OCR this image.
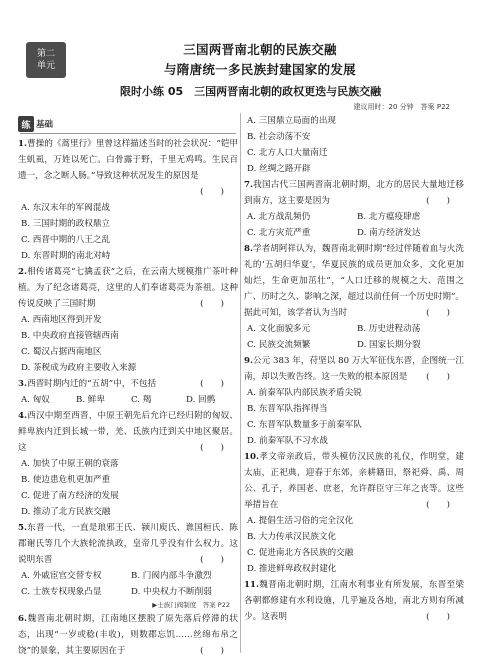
第二
单元
三国两晋南北朝的民族交融
与隋唐统一多民族封建国家的发展
限时小练 05　三国两晋南北朝的政权更迭与民族交融
建议用时：20 分钟　答案 P22
练 基础

1.曹操的《蒿里行》里曾这样描述当时的社会状况：“铠甲生虮虱，万姓以死亡。白骨露于野，千里无鸡鸣。生民百遗一，念之断人肠。”导致这种状况发生的原因是

(　　)

A. 东汉末年的军阀混战

B. 三国时期的政权鼎立

C. 西晋中期的八王之乱

D. 东晋时期的南北对峙

2.相传诸葛亮“七擒孟获”之后，在云南大规模推广茶叶种植。为了纪念诸葛亮，这里的人们奉诸葛亮为茶祖。这种传说反映了三国时期	(　　)

A. 西南地区得到开发

B. 中央政府直接管辖西南

C. 蜀汉占据西南地区

D. 茶税成为政府主要收入来源

3.西晋时期内迁的“五胡”中，不包括	(　　)

A. 匈奴	B. 鲜卑	C. 羯	D. 回鹘

4.西汉中期至西晋，中原王朝先后允许已经归附的匈奴、鲜卑族内迁到长城一带，羌、氐族内迁到关中地区聚居。这	(　　)

A. 加快了中原王朝的衰落

B. 使边患危机更加严重

C. 促进了南方经济的发展

D. 推动了北方民族交融

5.东晋一代，一直是琅邪王氏、颍川庾氏、谯国桓氏、陈郡谢氏等几个大族轮流执政，皇帝几乎没有什么权力。这说明东晋	(　　)

A. 外戚宦官交替专权	B. 门阀内部斗争激烈
C. 士族专权现象凸显	D. 中央权力不断削弱

▶士族门阀制度　答案 P22

6.魏晋南北朝时期，江南地区摆脱了原先落后停滞的状态，出现“一岁或稔(丰收)，则数郡忘饥……丝绵布帛之饶”的景象，其主要原因在于	(　　)

A. 三国鼎立局面的出现

B. 社会动荡不安

C. 北方人口大量南迁

D. 丝绸之路开辟

7.我国古代三国两晋南北朝时期，北方的居民大量地迁移到南方，这主要是因为	(　　)

A. 北方战乱频仍	B. 北方瘟疫肆虐
C. 北方灾荒严重	D. 南方经济发达

8.学者胡阿祥认为，魏晋南北朝时期“经过伴随着血与火洗礼的‘五胡归华夏’，华夏民族的成员更加众多，文化更加灿烂，生命更加茁壮”，“人口迁移的规模之大、范围之广、历时之久、影响之深，超过以前任何一个历史时期”。据此可知，该学者认为当时	(　　)

A. 文化面貌多元	B. 历史进程动荡
C. 民族交流频繁	D. 国家长期分裂

9.公元 383 年，苻坚以 80 万大军征伐东晋，企图统一江南，却以失败告终。这一失败的根本原因是 (　　)

A. 前秦军队内部民族矛盾尖锐

B. 东晋军队指挥得当

C. 东晋军队数量多于前秦军队

D. 前秦军队不习水战

10.孝文帝亲政后，带头模仿汉民族的礼仪，作明堂，建太庙，正祀典，迎春于东郊，亲耕籍田，祭祀舜、禹、周公、孔子，养国老、庶老，允许群臣守三年之丧等。这些举措旨在	(　　)

A. 提倡生活习俗的完全汉化

B. 大力传承汉民族文化

C. 促进南北方各民族的交融

D. 推进鲜卑政权封建化

11.魏晋南北朝时期，江南水利事业有所发展，东晋至梁各朝都修建有水利设施，几乎遍及各地，南北方则有所减少。这表明	(　　)
